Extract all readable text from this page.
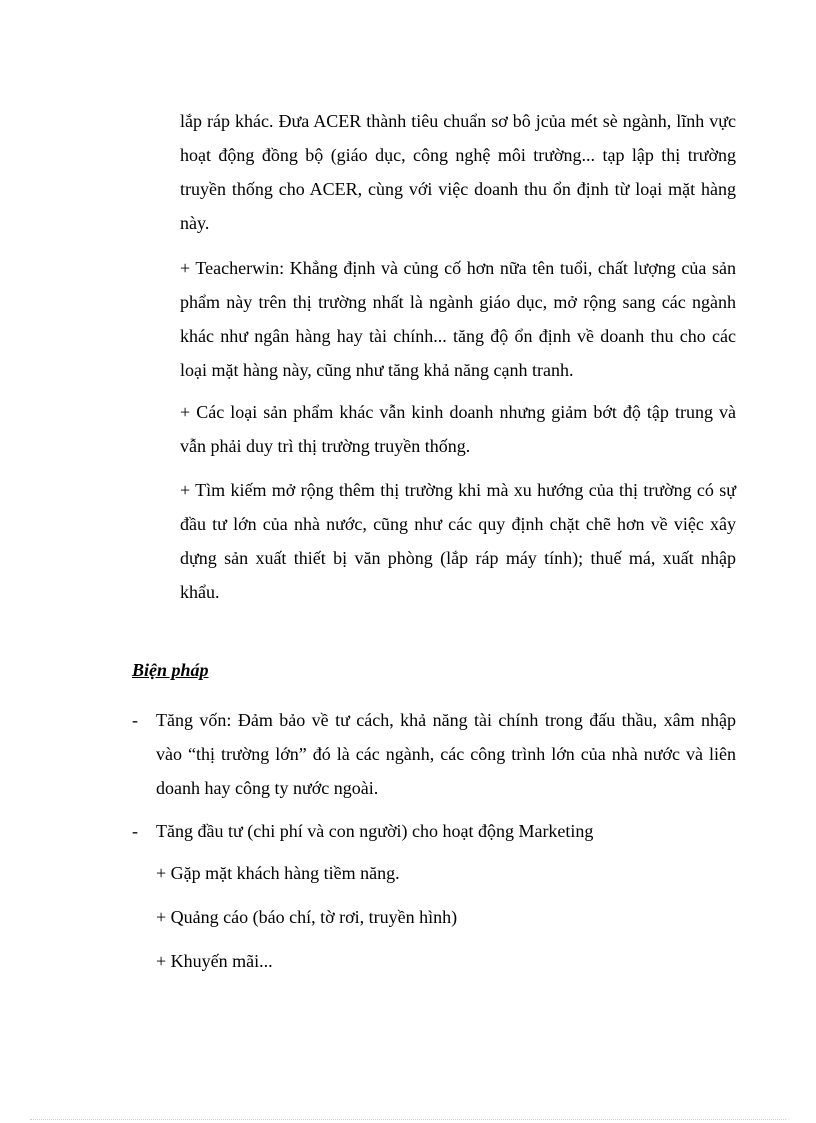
lắp ráp khác. Đưa ACER thành tiêu chuẩn sơ bô jcủa mét sè ngành, lĩnh vực hoạt động đồng bộ (giáo dục, công nghệ môi trường... tạp lập thị trường truyền thống cho ACER, cùng với việc doanh thu ổn định từ loại mặt hàng này.

+ Teacherwin: Khẳng định và củng cố hơn nữa tên tuổi, chất lượng của sản phẩm này trên thị trường nhất là ngành giáo dục, mở rộng sang các ngành khác như ngân hàng hay tài chính... tăng độ ổn định về doanh thu cho các loại mặt hàng này, cũng như tăng khả năng cạnh tranh.

+ Các loại sản phẩm khác vẫn kinh doanh nhưng giảm bớt độ tập trung và vẫn phải duy trì thị trường truyền thống.

+ Tìm kiếm mở rộng thêm thị trường khi mà xu hướng của thị trường có sự đầu tư lớn của nhà nước, cũng như các quy định chặt chẽ hơn về việc xây dựng sản xuất thiết bị văn phòng (lắp ráp máy tính); thuế má, xuất nhập khẩu.

Biện pháp

- Tăng vốn: Đảm bảo về tư cách, khả năng tài chính trong đấu thầu, xâm nhập vào “thị trường lớn” đó là các ngành, các công trình lớn của nhà nước và liên doanh hay công ty nước ngoài.
- Tăng đầu tư (chi phí và con người) cho hoạt động Marketing

+ Gặp mặt khách hàng tiềm năng.

+ Quảng cáo (báo chí, tờ rơi, truyền hình)

+ Khuyến mãi...
